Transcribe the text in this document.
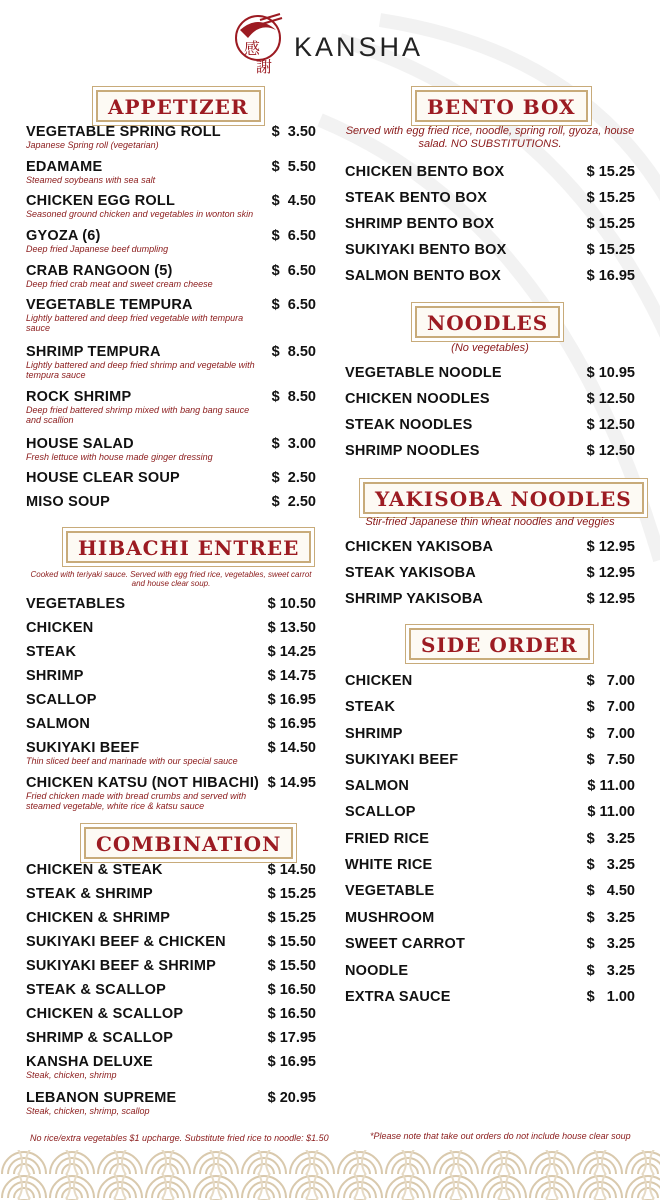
感
謝
KANSHA
APPETIZER
VEGETABLE SPRING ROLL
Japanese Spring roll (vegetarian)
$  3.50
EDAMAME
Steamed soybeans with sea salt
$  5.50
CHICKEN EGG ROLL
Seasoned ground chicken and vegetables in wonton skin
$  4.50
GYOZA (6)
Deep fried Japanese beef dumpling
$  6.50
CRAB RANGOON (5)
Deep fried crab meat and sweet cream cheese
$  6.50
VEGETABLE TEMPURA
Lightly battered and deep fried vegetable with tempura sauce
$  6.50
SHRIMP TEMPURA
Lightly battered and deep fried shrimp and vegetable with tempura sauce
$  8.50
ROCK SHRIMP
Deep fried battered shrimp mixed with bang bang sauce and scallion
$  8.50
HOUSE SALAD
Fresh lettuce with house made ginger dressing
$  3.00
HOUSE CLEAR SOUP	$  2.50
MISO SOUP	$  2.50
HIBACHI ENTREE
Cooked with teriyaki sauce. Served with egg fried rice, vegetables, sweet carrot and house clear soup.
VEGETABLES	$ 10.50
CHICKEN	$ 13.50
STEAK	$ 14.25
SHRIMP	$ 14.75
SCALLOP	$ 16.95
SALMON	$ 16.95
SUKIYAKI BEEF
Thin sliced beef and marinade with our special sauce
$ 14.50
CHICKEN KATSU (NOT HIBACHI)
Fried chicken made with bread crumbs and served with steamed vegetable, white rice & katsu sauce
$ 14.95
COMBINATION
CHICKEN & STEAK	$ 14.50
STEAK & SHRIMP	$ 15.25
CHICKEN & SHRIMP	$ 15.25
SUKIYAKI BEEF & CHICKEN	$ 15.50
SUKIYAKI BEEF & SHRIMP	$ 15.50
STEAK & SCALLOP	$ 16.50
CHICKEN & SCALLOP	$ 16.50
SHRIMP & SCALLOP	$ 17.95
KANSHA DELUXE
Steak, chicken, shrimp
$ 16.95
LEBANON SUPREME
Steak, chicken, shrimp, scallop
$ 20.95
BENTO BOX
Served with egg fried rice, noodle, spring roll, gyoza, house salad. NO SUBSTITUTIONS.
CHICKEN BENTO BOX	$ 15.25
STEAK BENTO BOX	$ 15.25
SHRIMP BENTO BOX	$ 15.25
SUKIYAKI BENTO BOX	$ 15.25
SALMON BENTO BOX	$ 16.95
NOODLES
(No vegetables)
VEGETABLE NOODLE	$ 10.95
CHICKEN NOODLES	$ 12.50
STEAK NOODLES	$ 12.50
SHRIMP NOODLES	$ 12.50
YAKISOBA NOODLES
Stir-fried Japanese thin wheat noodles and veggies
CHICKEN YAKISOBA	$ 12.95
STEAK YAKISOBA	$ 12.95
SHRIMP YAKISOBA	$ 12.95
SIDE ORDER
CHICKEN	$   7.00
STEAK	$   7.00
SHRIMP	$   7.00
SUKIYAKI BEEF	$   7.50
SALMON	$ 11.00
SCALLOP	$ 11.00
FRIED RICE	$   3.25
WHITE RICE	$   3.25
VEGETABLE	$   4.50
MUSHROOM	$   3.25
SWEET CARROT	$   3.25
NOODLE	$   3.25
EXTRA SAUCE	$   1.00
No rice/extra vegetables $1 upcharge. Substitute fried rice to noodle: $1.50	*Please note that take out orders do not include house clear soup
